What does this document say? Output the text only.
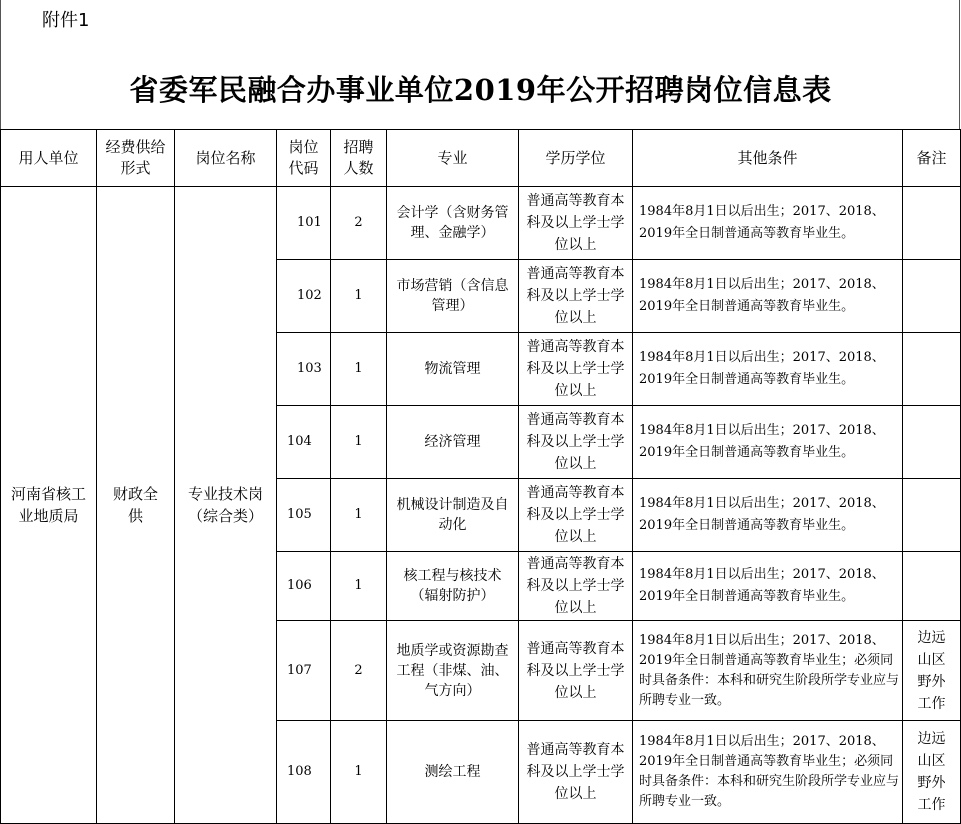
附件1
省委军民融合办事业单位2019年公开招聘岗位信息表
用人单位	经费供给形式	岗位名称	岗位代码	招聘人数	专业	学历学位	其他条件	备注
河南省核工业地质局	财政全供	专业技术岗（综合类）	101	2	会计学（含财务管理、金融学）	普通高等教育本科及以上学士学位以上	1984年8月1日以后出生；2017、2018、2019年全日制普通高等教育毕业生。	
			102	1	市场营销（含信息管理）	普通高等教育本科及以上学士学位以上	1984年8月1日以后出生；2017、2018、2019年全日制普通高等教育毕业生。	
			103	1	物流管理	普通高等教育本科及以上学士学位以上	1984年8月1日以后出生；2017、2018、2019年全日制普通高等教育毕业生。	
			104	1	经济管理	普通高等教育本科及以上学士学位以上	1984年8月1日以后出生；2017、2018、2019年全日制普通高等教育毕业生。	
			105	1	机械设计制造及自动化	普通高等教育本科及以上学士学位以上	1984年8月1日以后出生；2017、2018、2019年全日制普通高等教育毕业生。	
			106	1	核工程与核技术（辐射防护）	普通高等教育本科及以上学士学位以上	1984年8月1日以后出生；2017、2018、2019年全日制普通高等教育毕业生。	
			107	2	地质学或资源勘查工程（非煤、油、气方向）	普通高等教育本科及以上学士学位以上	1984年8月1日以后出生；2017、2018、2019年全日制普通高等教育毕业生；必须同时具备条件：本科和研究生阶段所学专业应与所聘专业一致。	边远山区野外工作

			108	1	测绘工程	普通高等教育本科及以上学士学位以上	1984年8月1日以后出生；2017、2018、2019年全日制普通高等教育毕业生；必须同时具备条件：本科和研究生阶段所学专业应与所聘专业一致。	边远山区野外工作
